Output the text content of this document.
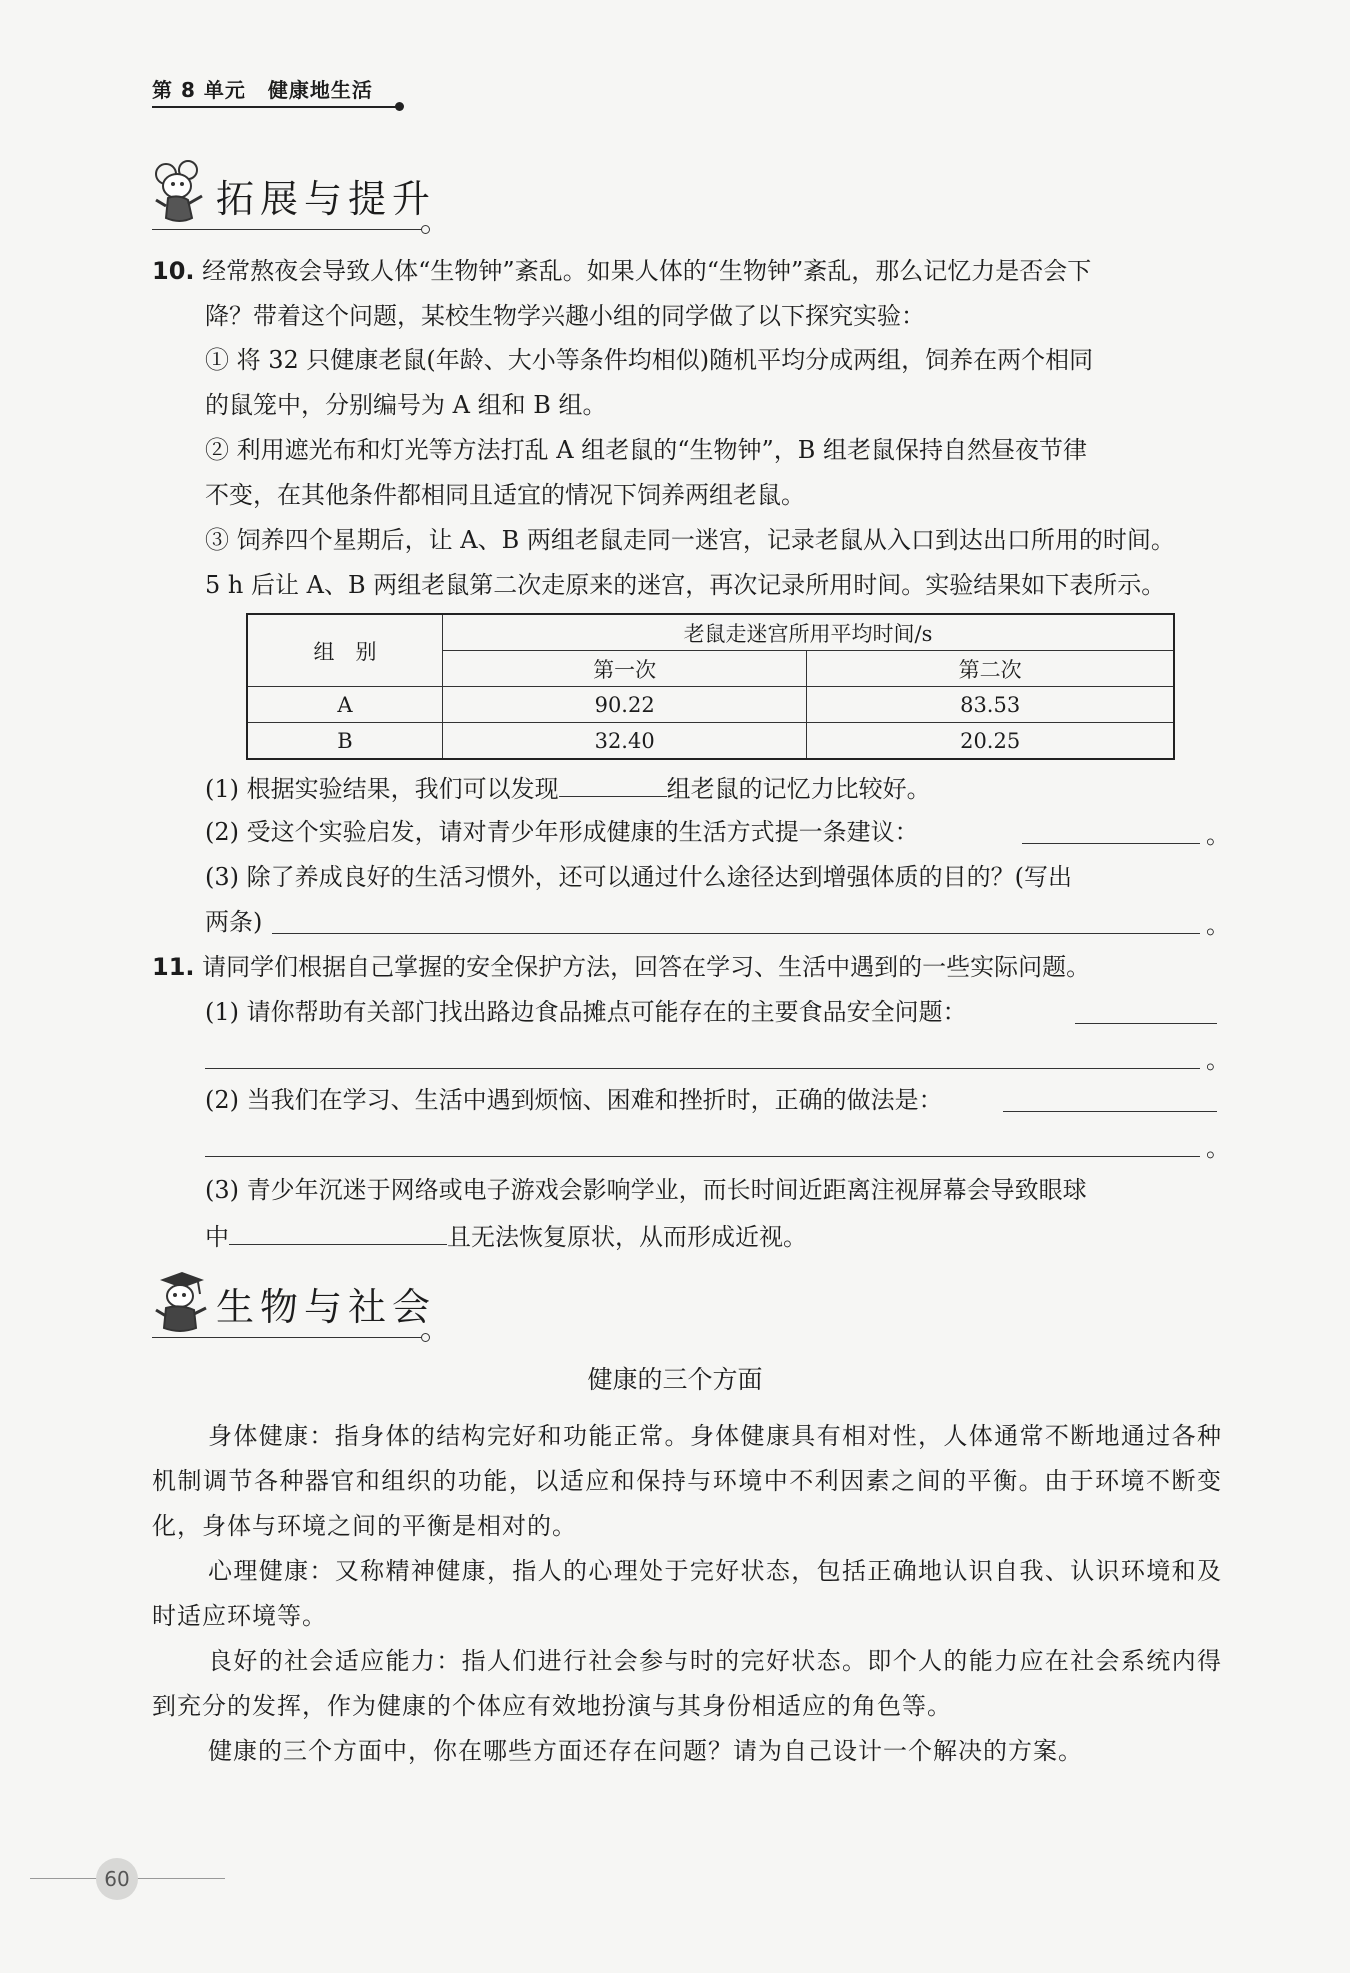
第 8 单元 健康地生活
拓展与提升
10. 经常熬夜会导致人体“生物钟”紊乱。如果人体的“生物钟”紊乱，那么记忆力是否会下
降？带着这个问题，某校生物学兴趣小组的同学做了以下探究实验：
① 将 32 只健康老鼠(年龄、大小等条件均相似)随机平均分成两组，饲养在两个相同
的鼠笼中，分别编号为 A 组和 B 组。
② 利用遮光布和灯光等方法打乱 A 组老鼠的“生物钟”，B 组老鼠保持自然昼夜节律
不变，在其他条件都相同且适宜的情况下饲养两组老鼠。
③ 饲养四个星期后，让 A、B 两组老鼠走同一迷宫，记录老鼠从入口到达出口所用的时间。
5 h 后让 A、B 两组老鼠第二次走原来的迷宫，再次记录所用时间。实验结果如下表所示。
组　别	老鼠走迷宫所用平均时间/s	
	第一次	第二次
A	90.22	83.53
B	32.40	20.25
(1) 根据实验结果，我们可以发现	组老鼠的记忆力比较好。
(2) 受这个实验启发，请对青少年形成健康的生活方式提一条建议：	。
(3) 除了养成良好的生活习惯外，还可以通过什么途径达到增强体质的目的？(写出
两条)	。
11. 请同学们根据自己掌握的安全保护方法，回答在学习、生活中遇到的一些实际问题。
(1) 请你帮助有关部门找出路边食品摊点可能存在的主要食品安全问题：
。
(2) 当我们在学习、生活中遇到烦恼、困难和挫折时，正确的做法是：
。
(3) 青少年沉迷于网络或电子游戏会影响学业，而长时间近距离注视屏幕会导致眼球
中	且无法恢复原状，从而形成近视。
生物与社会
健康的三个方面

身体健康：指身体的结构完好和功能正常。身体健康具有相对性，人体通常不断地通过各种机制调节各种器官和组织的功能，以适应和保持与环境中不利因素之间的平衡。由于环境不断变化，身体与环境之间的平衡是相对的。

心理健康：又称精神健康，指人的心理处于完好状态，包括正确地认识自我、认识环境和及时适应环境等。

良好的社会适应能力：指人们进行社会参与时的完好状态。即个人的能力应在社会系统内得到充分的发挥，作为健康的个体应有效地扮演与其身份相适应的角色等。

健康的三个方面中，你在哪些方面还存在问题？请为自己设计一个解决的方案。

60
